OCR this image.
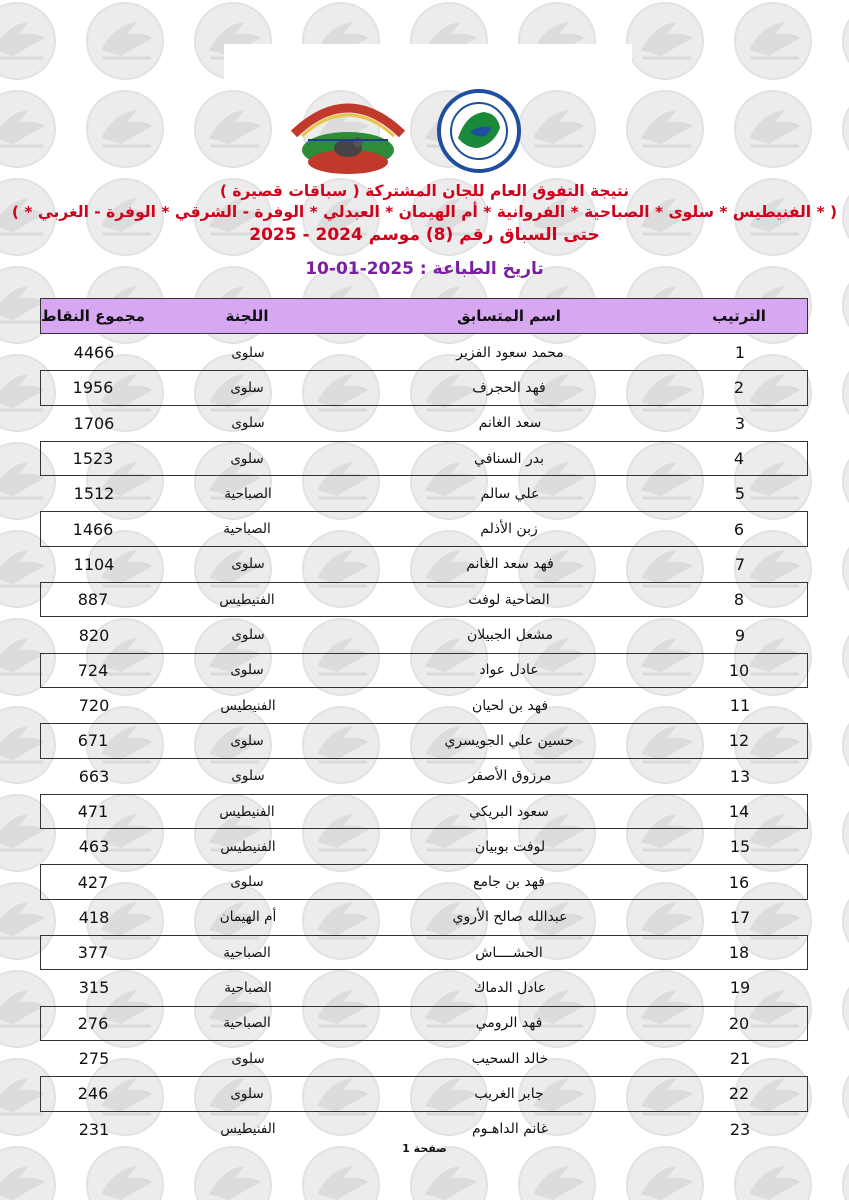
نتيجة التفوق العام للجان المشتركة ( سباقات قصيرة )
( * الفنيطيس * سلوى * الصباحية * الفروانية * أم الهيمان * العبدلي * الوفرة - الشرقي * الوفرة - الغربي * )
حتى السباق رقم (8) موسم 2024 - 2025
تاريخ الطباعة : 2025-01-10
الترتيب
اسم المتسابق
اللجنة
مجموع النقاط
1
محمد سعود الفزير
سلوى
4466
2
فهد الحجرف
سلوى
1956
3
سعد الغانم
سلوى
1706
4
بدر السنافي
سلوى
1523
5
علي سالم
الصباحية
1512
6
زبن الأذلم
الصباحية
1466
7
فهد سعد الغانم
سلوى
1104
8
الضاحية لوفت
الفنيطيس
887
9
مشعل الجبيلان
سلوى
820
10
عادل عواد
سلوى
724
11
فهد بن لحيان
الفنيطيس
720
12
حسين علي الجويسري
سلوى
671
13
مرزوق الأصفر
سلوى
663
14
سعود البريكي
الفنيطيس
471
15
لوفت بوبيان
الفنيطيس
463
16
فهد بن جامع
سلوى
427
17
عبدالله صالح الأروي
أم الهيمان
418
18
الحشــــاش
الصباحية
377
19
عادل الدماك
الصباحية
315
20
فهد الرومي
الصباحية
276
21
خالد السحيب
سلوى
275
22
جابر الغريب
سلوى
246
23
غانم الداهـوم
الفنيطيس
231
صفحة 1
